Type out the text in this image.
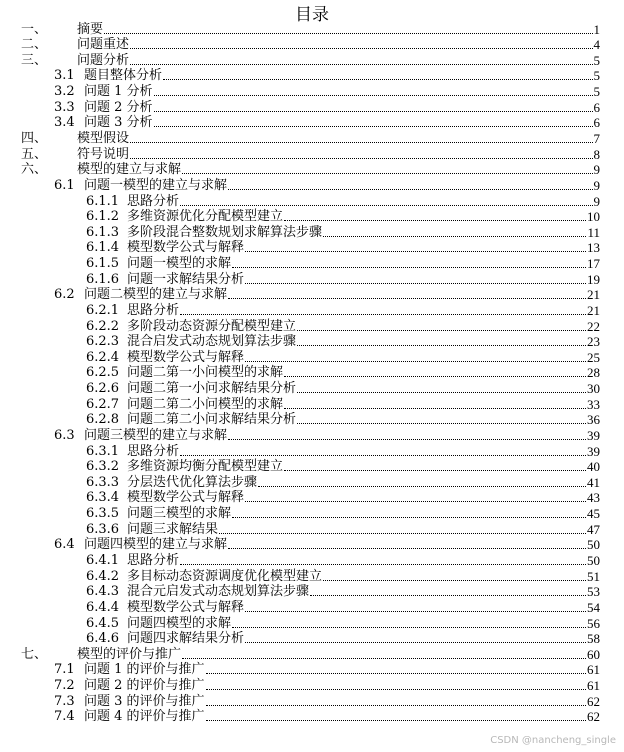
目录
一、	摘要	1
二、	问题重述	4
三、	问题分析	5
3.1 题目整体分析	5
3.2 问题 1 分析	5
3.3 问题 2 分析	6
3.4 问题 3 分析	6
四、	模型假设	7
五、	符号说明	8
六、	模型的建立与求解	9
6.1 问题一模型的建立与求解	9
6.1.1 思路分析	9
6.1.2 多维资源优化分配模型建立	10
6.1.3 多阶段混合整数规划求解算法步骤	11
6.1.4 模型数学公式与解释	13
6.1.5 问题一模型的求解	17
6.1.6 问题一求解结果分析	19
6.2 问题二模型的建立与求解	21
6.2.1 思路分析	21
6.2.2 多阶段动态资源分配模型建立	22
6.2.3 混合启发式动态规划算法步骤	23
6.2.4 模型数学公式与解释	25
6.2.5 问题二第一小问模型的求解	28
6.2.6 问题二第一小问求解结果分析	30
6.2.7 问题二第二小问模型的求解	33
6.2.8 问题二第二小问求解结果分析	36
6.3 问题三模型的建立与求解	39
6.3.1 思路分析	39
6.3.2 多维资源均衡分配模型建立	40
6.3.3 分层迭代优化算法步骤	41
6.3.4 模型数学公式与解释	43
6.3.5 问题三模型的求解	45
6.3.6 问题三求解结果	47
6.4 问题四模型的建立与求解	50
6.4.1 思路分析	50
6.4.2 多目标动态资源调度优化模型建立	51
6.4.3 混合元启发式动态规划算法步骤	53
6.4.4 模型数学公式与解释	54
6.4.5 问题四模型的求解	56
6.4.6 问题四求解结果分析	58
七、	模型的评价与推广	60
7.1 问题 1 的评价与推广	61
7.2 问题 2 的评价与推广	61
7.3 问题 3 的评价与推广	62
7.4 问题 4 的评价与推广	62
CSDN @nancheng_single
